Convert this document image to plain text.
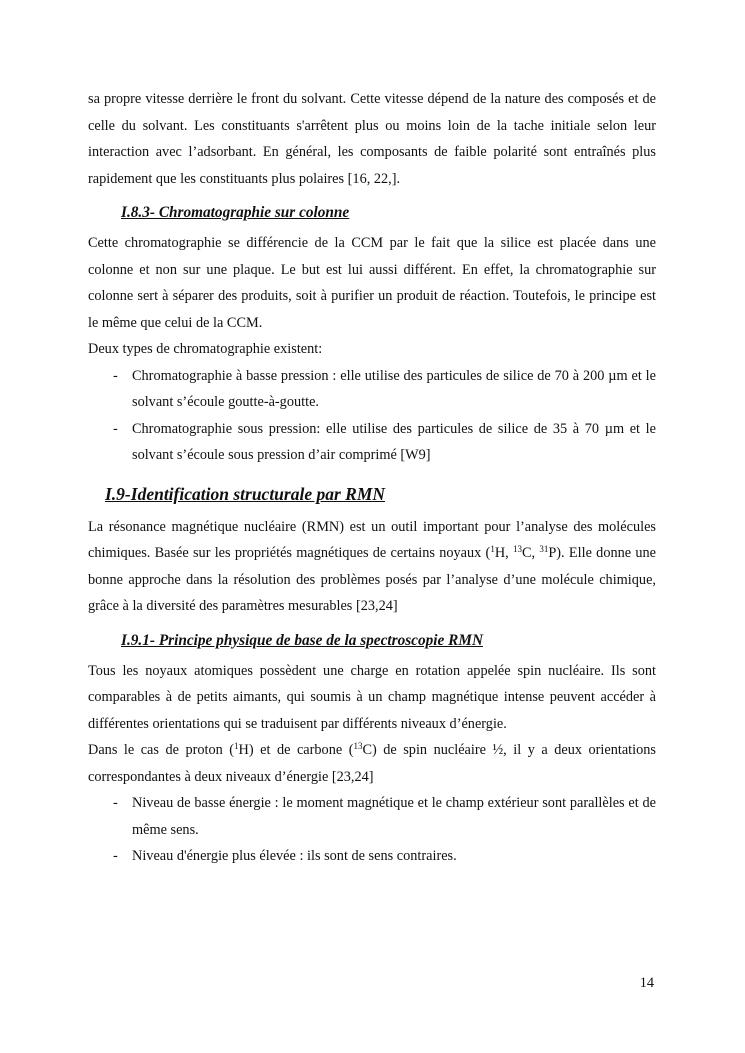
sa propre vitesse derrière le front du solvant. Cette vitesse dépend de la nature des composés et de celle du solvant. Les constituants s'arrêtent plus ou moins loin de la tache initiale selon leur interaction avec l’adsorbant. En général, les composants de faible polarité sont entraînés plus rapidement que les constituants plus polaires [16, 22,].

I.8.3- Chromatographie sur colonne

Cette chromatographie se différencie de la CCM par le fait que la silice est placée dans une colonne et non sur une plaque. Le but est lui aussi différent. En effet, la chromatographie sur colonne sert à séparer des produits, soit à purifier un produit de réaction. Toutefois, le principe est le même que celui de la CCM.

Deux types de chromatographie existent:

- Chromatographie à basse pression : elle utilise des particules de silice de 70 à 200 µm et le solvant s’écoule goutte-à-goutte.
- Chromatographie sous pression: elle utilise des particules de silice de 35 à 70 µm et le solvant s’écoule sous pression d’air comprimé [W9]
I.9-Identification structurale par RMN

La résonance magnétique nucléaire (RMN) est un outil important pour l’analyse des molécules chimiques. Basée sur les propriétés magnétiques de certains noyaux ($^1$H, $^{13}$C, $^{31}$P). Elle donne une bonne approche dans la résolution des problèmes posés par l’analyse d’une molécule chimique, grâce à la diversité des paramètres mesurables [23,24]

I.9.1- Principe physique de base de la spectroscopie RMN

Tous les noyaux atomiques possèdent une charge en rotation appelée spin nucléaire. Ils sont comparables à de petits aimants, qui soumis à un champ magnétique intense peuvent accéder à différentes orientations qui se traduisent par différents niveaux d’énergie.

Dans le cas de proton ($^1$H) et de carbone ($^{13}$C) de spin nucléaire ½, il y a deux orientations correspondantes à deux niveaux d’énergie [23,24]

- Niveau de basse énergie : le moment magnétique et le champ extérieur sont parallèles et de même sens.
- Niveau d'énergie plus élevée : ils sont de sens contraires.
14
